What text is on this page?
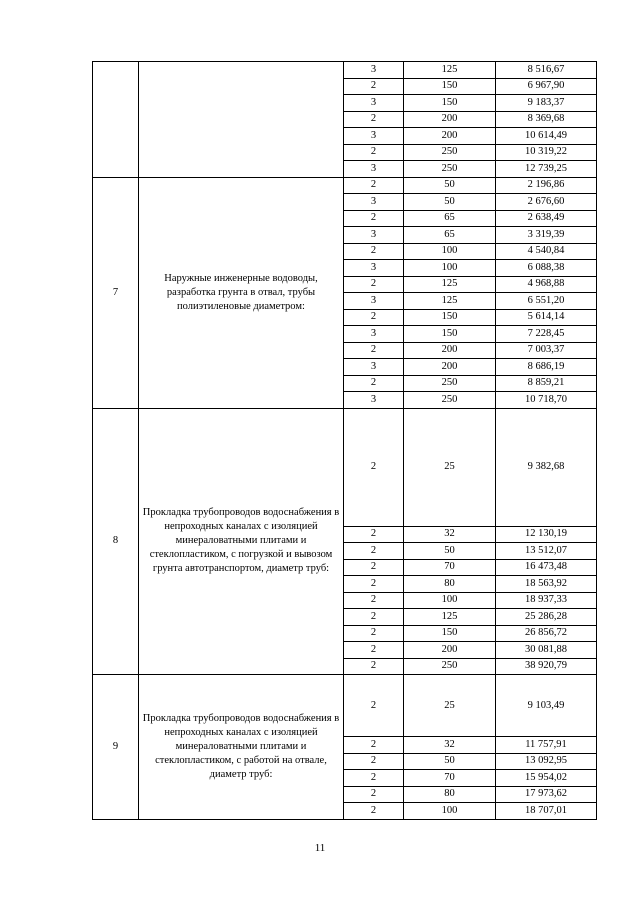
		3	125	8 516,67
		2	150	6 967,90
		3	150	9 183,37
		2	200	8 369,68
		3	200	10 614,49
		2	250	10 319,22
		3	250	12 739,25
7	Наружные инженерные водоводы, разработка грунта в отвал, трубы полиэтиленовые диаметром:	2	50	2 196,86
		3	50	2 676,60
		2	65	2 638,49
		3	65	3 319,39
		2	100	4 540,84
		3	100	6 088,38
		2	125	4 968,88
		3	125	6 551,20
		2	150	5 614,14
		3	150	7 228,45
		2	200	7 003,37
		3	200	8 686,19
		2	250	8 859,21
		3	250	10 718,70
8	Прокладка трубопроводов водоснабжения в непроходных каналах с изоляцией минераловатными плитами и стеклопластиком, с погрузкой и вывозом грунта автотранспортом, диаметр труб:	2	25	9 382,68
		2	32	12 130,19
		2	50	13 512,07
		2	70	16 473,48
		2	80	18 563,92
		2	100	18 937,33
		2	125	25 286,28
		2	150	26 856,72
		2	200	30 081,88
		2	250	38 920,79
9	Прокладка трубопроводов водоснабжения в непроходных каналах с изоляцией минераловатными плитами и стеклопластиком, с работой на отвале, диаметр труб:	2	25	9 103,49
		2	32	11 757,91
		2	50	13 092,95
		2	70	15 954,02
		2	80	17 973,62
		2	100	18 707,01
11
